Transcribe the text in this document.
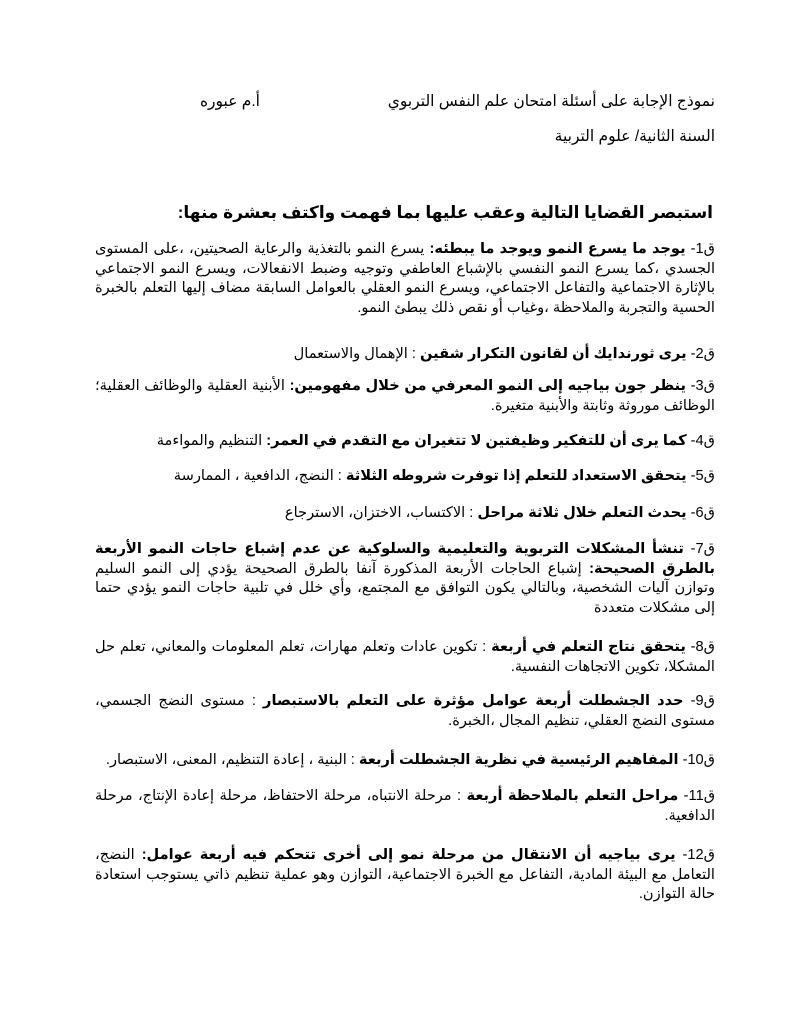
نموذج الإجابة على أسئلة امتحان علم النفس التربوي
أ.م عبوره
السنة الثانية/ علوم التربية
استبصر القضايا التالية وعقب عليها بما فهمت واكتف بعشرة منها:
ق1- يوجد ما يسرع النمو ويوجد ما يبطئه: يسرع النمو بالتغذية والرعاية الصحيتين، ،على المستوى الجسدي ،كما يسرع النمو النفسي بالإشباع العاطفي وتوجيه وضبط الانفعالات، ويسرع النمو الاجتماعي بالإثارة الاجتماعية والتفاعل الاجتماعي، ويسرع النمو العقلي بالعوامل السابقة مضاف إليها التعلم بالخبرة الحسية والتجربة والملاحظة ،وغياب أو نقص ذلك يبطئ النمو.
ق2- يرى ثورندايك أن لقانون التكرار شقين : الإهمال والاستعمال
ق3- ينظر جون بياجيه إلى النمو المعرفي من خلال مفهومين: الأبنية العقلية والوظائف العقلية؛ الوظائف موروثة وثابتة والأبنية متغيرة.
ق4- كما يرى أن للتفكير وظيفتين لا تتغيران مع التقدم في العمر: التنظيم والمواءمة
ق5- يتحقق الاستعداد للتعلم إذا توفرت شروطه الثلاثة : النضج، الدافعية ، الممارسة
ق6- يحدث التعلم خلال ثلاثة مراحل : الاكتساب، الاختزان، الاسترجاع
ق7- تنشأ المشكلات التربوية والتعليمية والسلوكية عن عدم إشباع حاجات النمو الأربعة بالطرق الصحيحة: إشباع الحاجات الأربعة المذكورة آنفا بالطرق الصحيحة يؤدي إلى النمو السليم وتوازن آليات الشخصية، وبالتالي يكون التوافق مع المجتمع، وأي خلل في تلبية حاجات النمو يؤدي حتما إلى مشكلات متعددة
ق8- يتحقق نتاج التعلم في أربعة : تكوين عادات وتعلم مهارات، تعلم المعلومات والمعاني، تعلم حل المشكلا، تكوين الاتجاهات النفسية.
ق9- حدد الجشطلت أربعة عوامل مؤثرة على التعلم بالاستبصار : مستوى النضج الجسمي، مستوى النضج العقلي، تنظيم المجال ،الخبرة.
ق10- المفاهيم الرئيسية في نظرية الجشطلت أربعة : البنية ، إعادة التنظيم، المعنى، الاستبصار.
ق11- مراحل التعلم بالملاحظة أربعة : مرحلة الانتباه، مرحلة الاحتفاظ، مرحلة إعادة الإنتاج، مرحلة الدافعية.
ق12- يرى بياجيه أن الانتقال من مرحلة نمو إلى أخرى تتحكم فيه أربعة عوامل: النضج، التعامل مع البيئة المادية، التفاعل مع الخبرة الاجتماعية، التوازن وهو عملية تنظيم ذاتي يستوجب استعادة حالة التوازن.
